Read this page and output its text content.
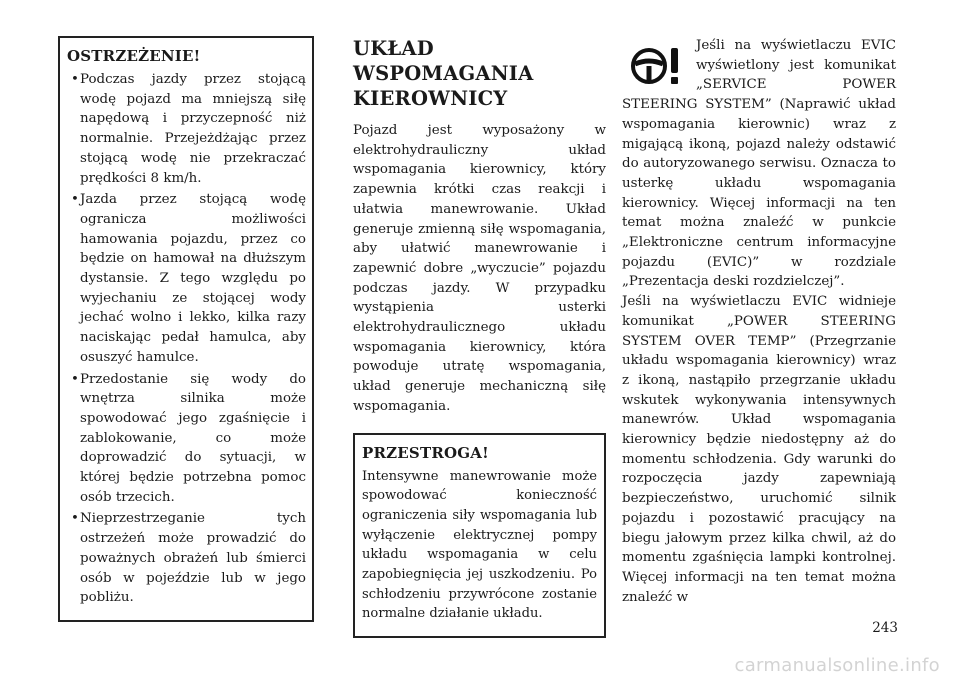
OSTRZEŻENIE!
• Podczas jazdy przez stojącą wodę pojazd ma mniejszą siłę napędową i przyczepność niż normalnie. Przejeżdżając przez stojącą wodę nie przekraczać prędkości 8 km/h.
• Jazda przez stojącą wodę ogranicza możliwości hamowania pojazdu, przez co będzie on hamował na dłuższym dystansie. Z tego względu po wyjechaniu ze stojącej wody jechać wolno i lekko, kilka razy naciskając pedał hamulca, aby osuszyć hamulce.
• Przedostanie się wody do wnętrza silnika może spowodować jego zgaśnięcie i zablokowanie, co może doprowadzić do sytuacji, w której będzie potrzebna pomoc osób trzecich.
• Nieprzestrzeganie tych ostrzeżeń może prowadzić do poważnych obrażeń lub śmierci osób w pojeździe lub w jego pobliżu.
UKŁAD
WSPOMAGANIA
KIEROWNICY

Pojazd jest wyposażony w elektrohydrauliczny układ wspomagania kierownicy, który zapewnia krótki czas reakcji i ułatwia manewrowanie. Układ generuje zmienną siłę wspomagania, aby ułatwić manewrowanie i zapewnić dobre „wyczucie” pojazdu podczas jazdy. W przypadku wystąpienia usterki elektrohydraulicznego układu wspomagania kierownicy, która powoduje utratę wspomagania, układ generuje mechaniczną siłę wspomagania.

PRZESTROGA!

Intensywne manewrowanie może spowodować konieczność ograniczenia siły wspomagania lub wyłączenie elektrycznej pompy układu wspomagania w celu zapobiegnięcia jej uszkodzeniu. Po schłodzeniu przywrócone zostanie normalne działanie układu.

Jeśli na wyświetlaczu EVIC wyświetlony jest komunikat „SERVICE POWER STEERING SYSTEM” (Naprawić układ wspomagania kierownic) wraz z migającą ikoną, pojazd należy odstawić do autoryzowanego serwisu. Oznacza to usterkę układu wspomagania kierownicy. Więcej informacji na ten temat można znaleźć w punkcie „Elektroniczne centrum informacyjne pojazdu (EVIC)” w rozdziale „Prezentacja deski rozdzielczej”.

Jeśli na wyświetlaczu EVIC widnieje komunikat „POWER STEERING SYSTEM OVER TEMP” (Przegrzanie układu wspomagania kierownicy) wraz z ikoną, nastąpiło przegrzanie układu wskutek wykonywania intensywnych manewrów. Układ wspomagania kierownicy będzie niedostępny aż do momentu schłodzenia. Gdy warunki do rozpoczęcia jazdy zapewniają bezpieczeństwo, uruchomić silnik pojazdu i pozostawić pracujący na biegu jałowym przez kilka chwil, aż do momentu zgaśnięcia lampki kontrolnej. Więcej informacji na ten temat można znaleźć w

243
carmanualsonline.info
